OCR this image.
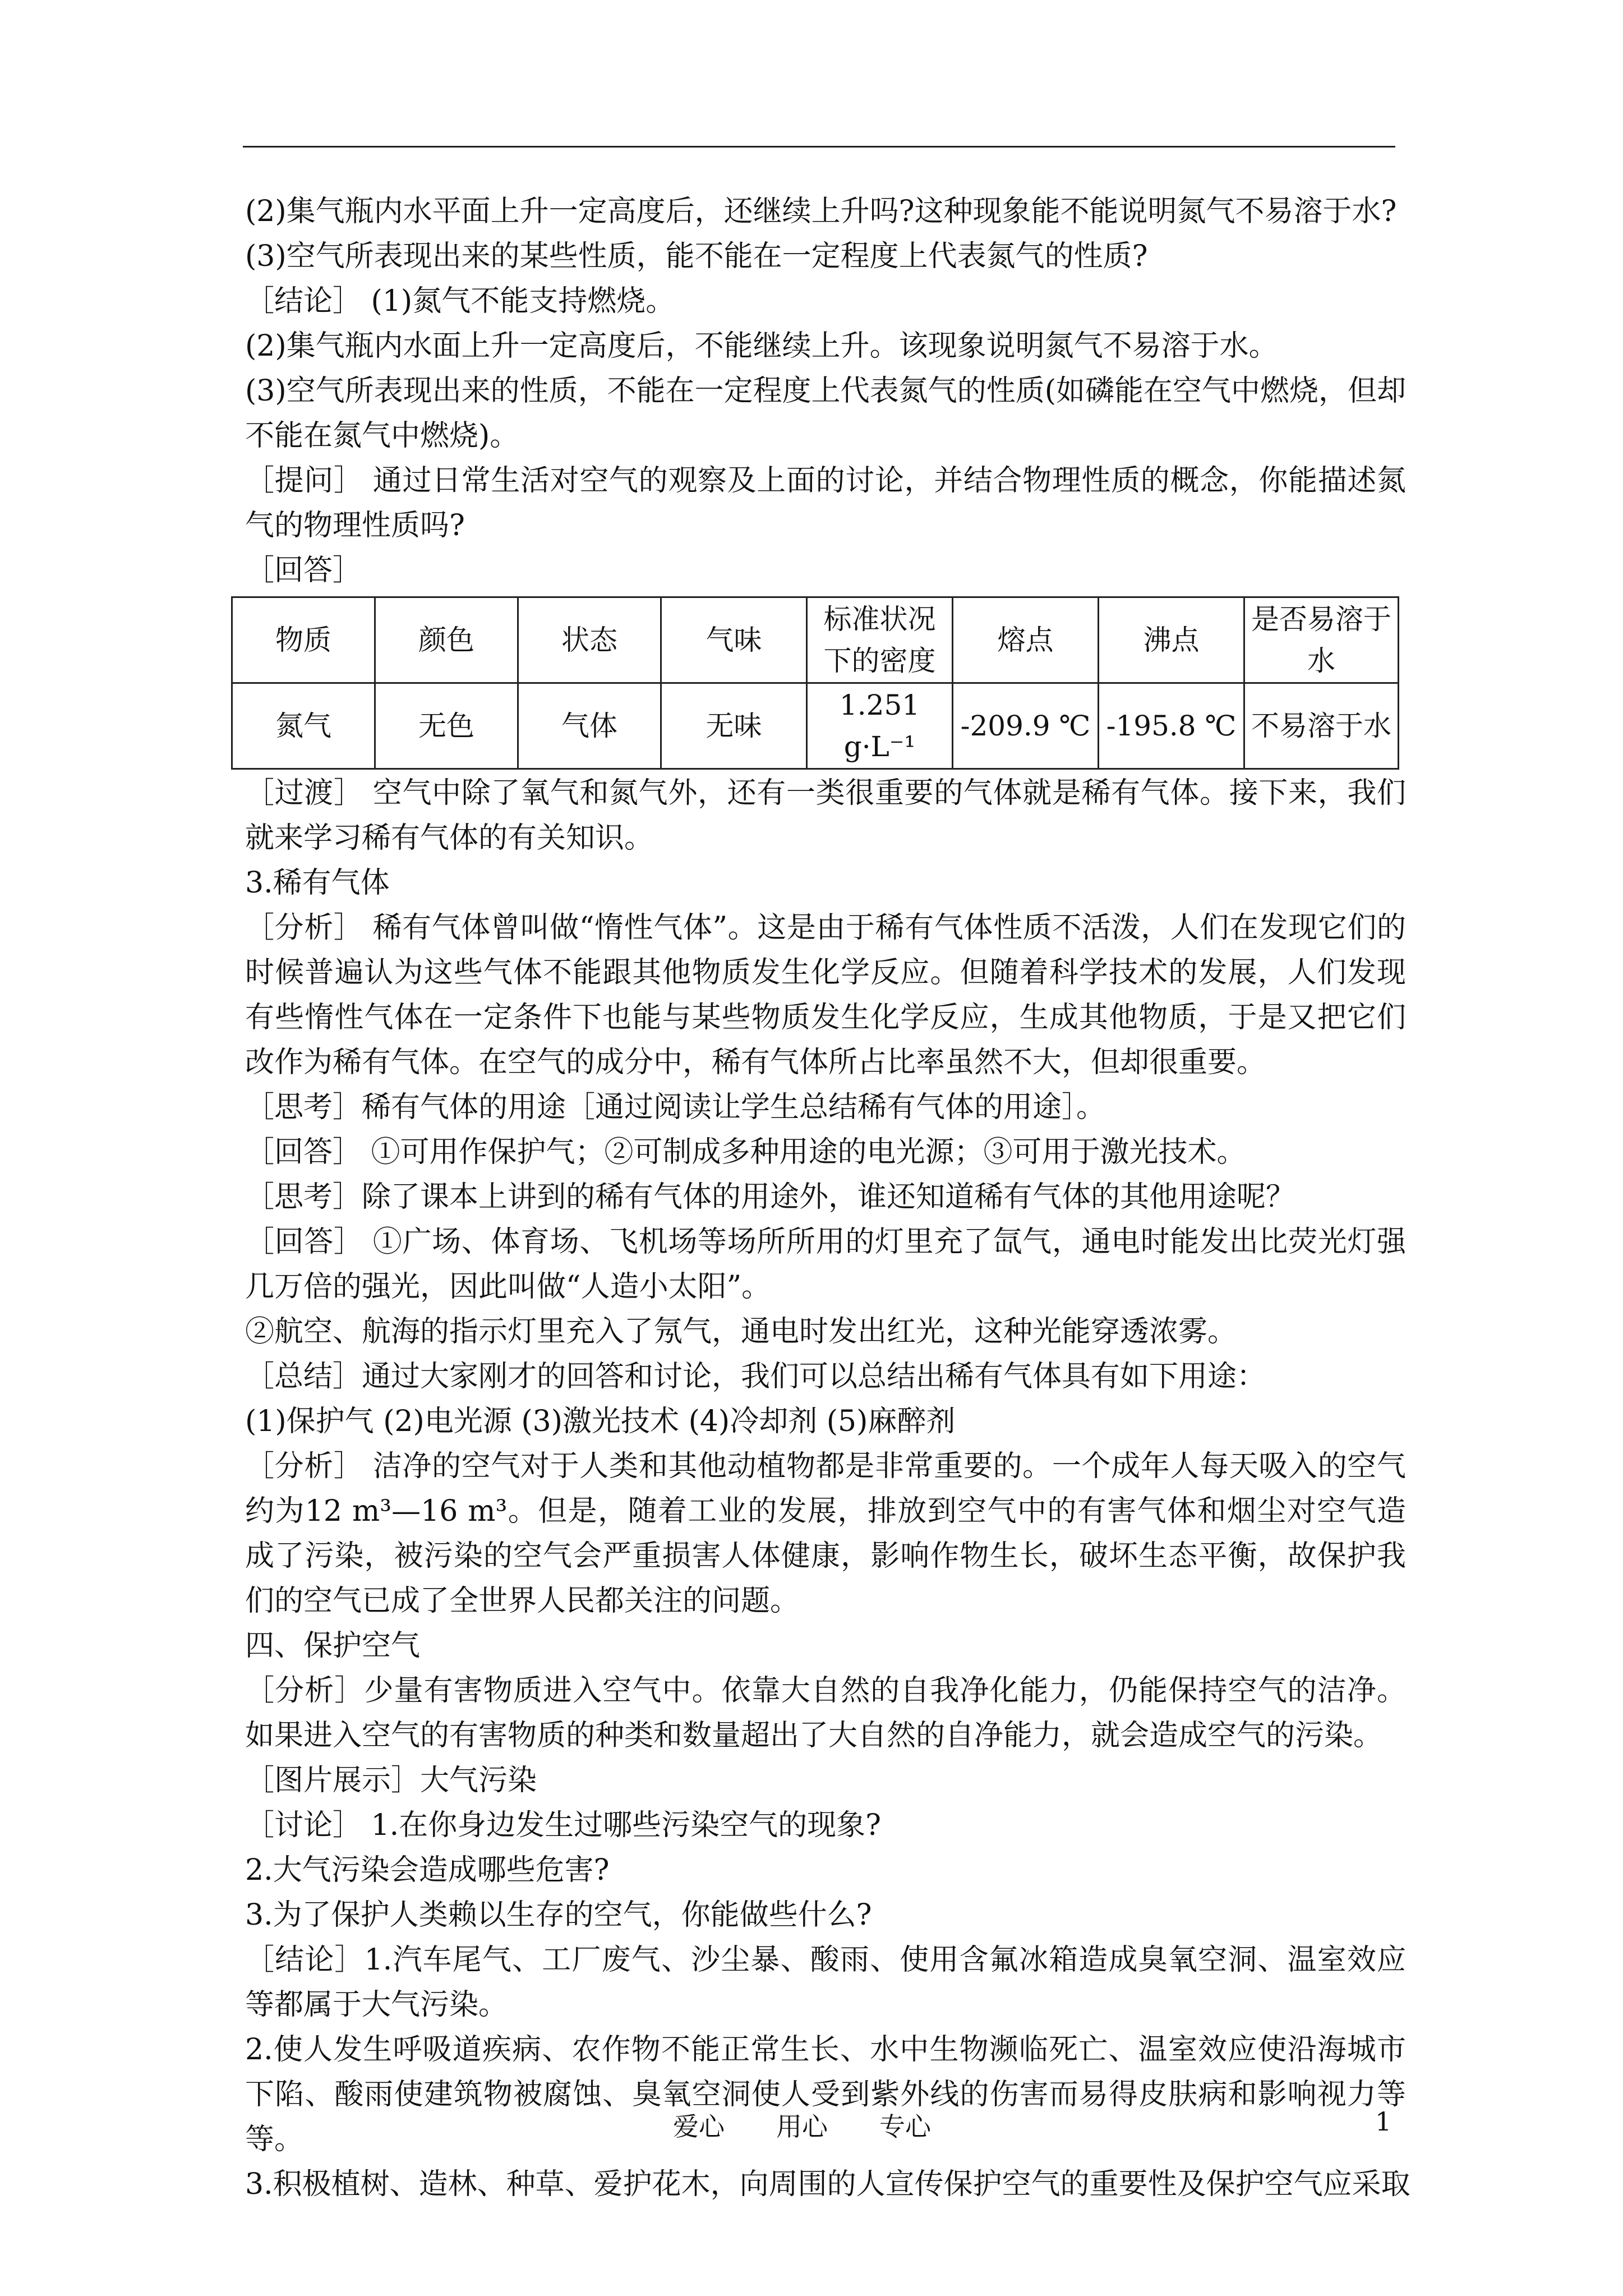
(2)集气瓶内水平面上升一定高度后，还继续上升吗?这种现象能不能说明氮气不易溶于水?

(3)空气所表现出来的某些性质，能不能在一定程度上代表氮气的性质?

［结论］ (1)氮气不能支持燃烧。

(2)集气瓶内水面上升一定高度后，不能继续上升。该现象说明氮气不易溶于水。

(3)空气所表现出来的性质，不能在一定程度上代表氮气的性质(如磷能在空气中燃烧，但却不能在氮气中燃烧)。

［提问］ 通过日常生活对空气的观察及上面的讨论，并结合物理性质的概念，你能描述氮气的物理性质吗?

［回答］

物质	颜色	状态	气味	标准状况下的密度	熔点	沸点	是否易溶于水
氮气	无色	气体	无味	1.251 g·L⁻¹	-209.9 ℃	-195.8 ℃	不易溶于水

［过渡］ 空气中除了氧气和氮气外，还有一类很重要的气体就是稀有气体。接下来，我们就来学习稀有气体的有关知识。

3.稀有气体

［分析］ 稀有气体曾叫做“惰性气体”。这是由于稀有气体性质不活泼，人们在发现它们的时候普遍认为这些气体不能跟其他物质发生化学反应。但随着科学技术的发展，人们发现有些惰性气体在一定条件下也能与某些物质发生化学反应，生成其他物质，于是又把它们改作为稀有气体。在空气的成分中，稀有气体所占比率虽然不大，但却很重要。

［思考］稀有气体的用途［通过阅读让学生总结稀有气体的用途］。

［回答］ ①可用作保护气；②可制成多种用途的电光源；③可用于激光技术。

［思考］除了课本上讲到的稀有气体的用途外，谁还知道稀有气体的其他用途呢？

［回答］ ①广场、体育场、飞机场等场所所用的灯里充了氙气，通电时能发出比荧光灯强几万倍的强光，因此叫做“人造小太阳”。

②航空、航海的指示灯里充入了氖气，通电时发出红光，这种光能穿透浓雾。

［总结］通过大家刚才的回答和讨论，我们可以总结出稀有气体具有如下用途：

(1)保护气 (2)电光源 (3)激光技术 (4)冷却剂 (5)麻醉剂

［分析］ 洁净的空气对于人类和其他动植物都是非常重要的。一个成年人每天吸入的空气约为12 m³—16 m³。但是，随着工业的发展，排放到空气中的有害气体和烟尘对空气造成了污染，被污染的空气会严重损害人体健康，影响作物生长，破坏生态平衡，故保护我们的空气已成了全世界人民都关注的问题。

四、保护空气

［分析］少量有害物质进入空气中。依靠大自然的自我净化能力，仍能保持空气的洁净。如果进入空气的有害物质的种类和数量超出了大自然的自净能力，就会造成空气的污染。

［图片展示］大气污染

［讨论］ 1.在你身边发生过哪些污染空气的现象?

2.大气污染会造成哪些危害?

3.为了保护人类赖以生存的空气，你能做些什么?

［结论］1.汽车尾气、工厂废气、沙尘暴、酸雨、使用含氟冰箱造成臭氧空洞、温室效应等都属于大气污染。

2.使人发生呼吸道疾病、农作物不能正常生长、水中生物濒临死亡、温室效应使沿海城市下陷、酸雨使建筑物被腐蚀、臭氧空洞使人受到紫外线的伤害而易得皮肤病和影响视力等等。

3.积极植树、造林、种草、爱护花木，向周围的人宣传保护空气的重要性及保护空气应采取

爱心　　用心　　专心	1
